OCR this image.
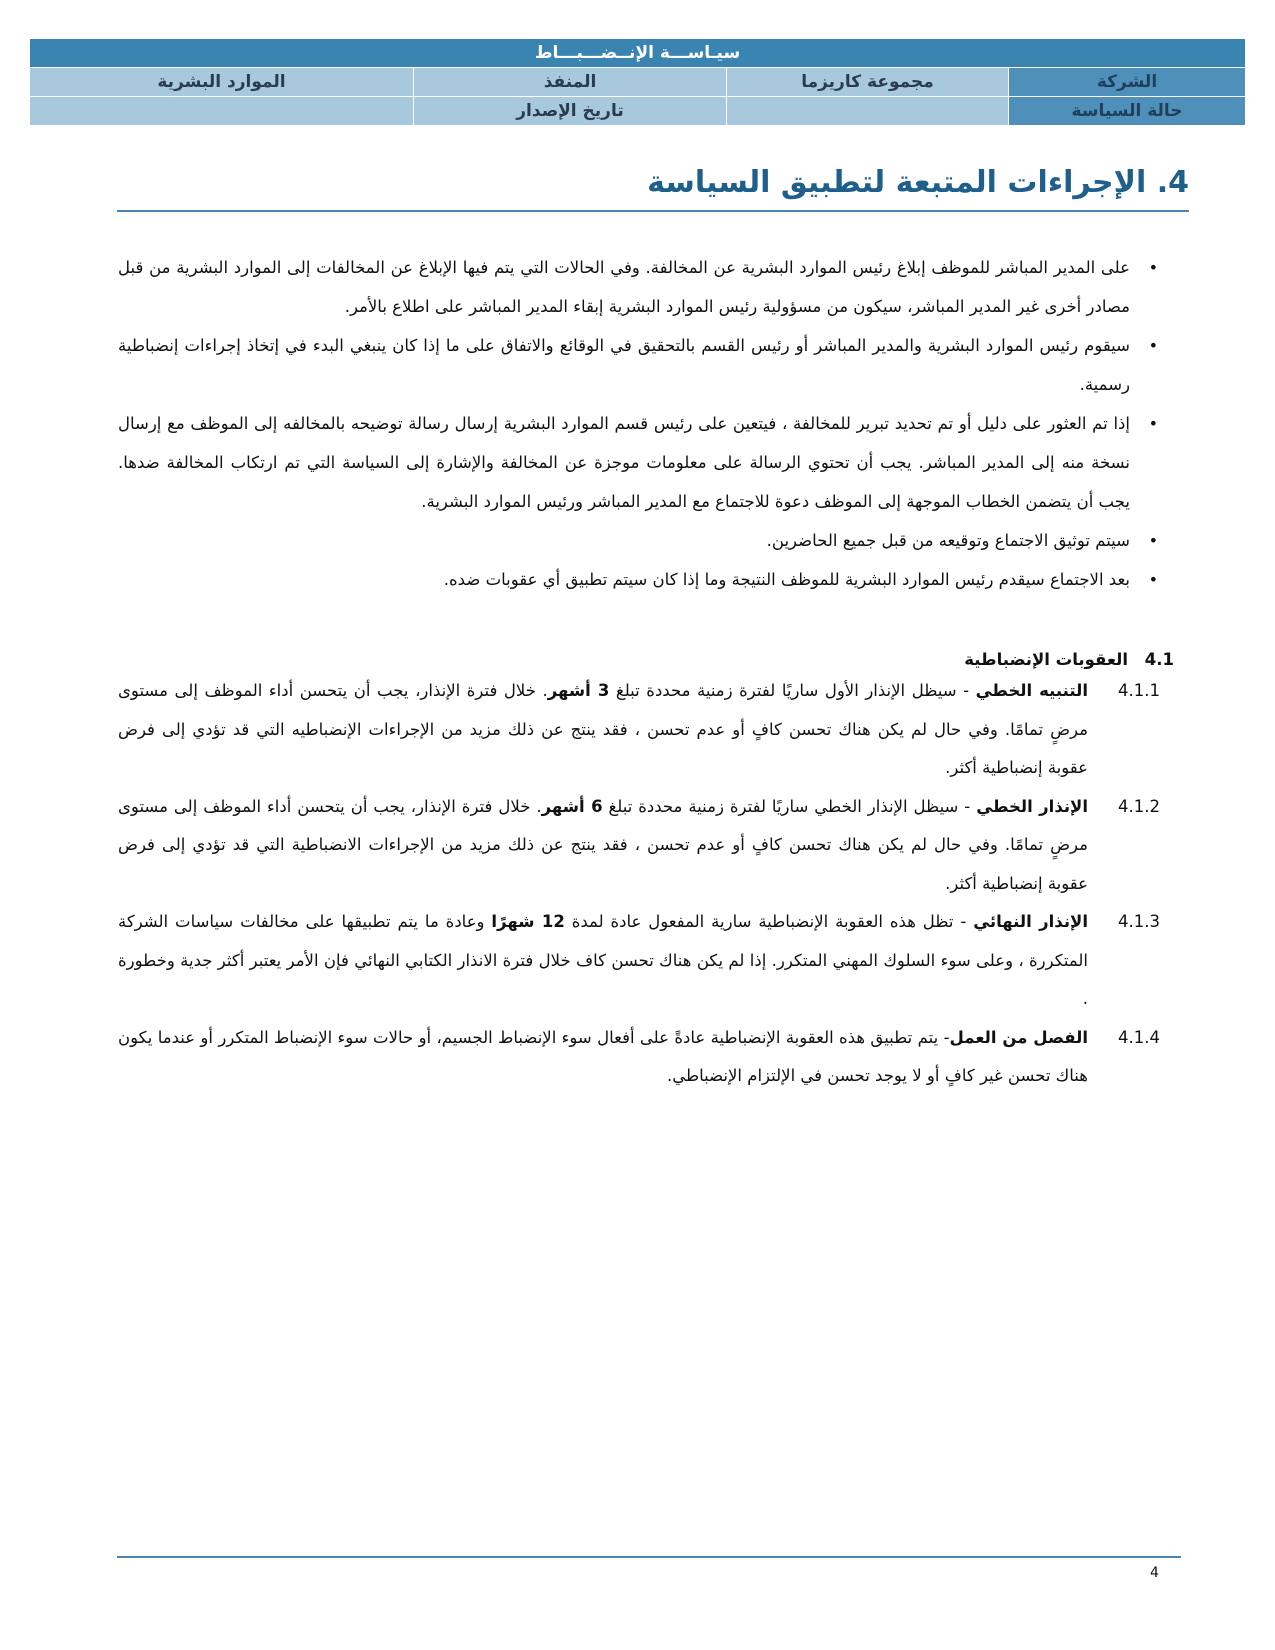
سيـاســـة الإنــضـــبـــاط			
الشركة	مجموعة كاريزما	المنفذ	الموارد البشرية
حالة السياسة		تاريخ الإصدار	
4. الإجراءات المتبعة لتطبيق السياسة
• على المدير المباشر للموظف إبلاغ رئيس الموارد البشرية عن المخالفة. وفي الحالات التي يتم فيها الإبلاغ عن المخالفات إلى الموارد البشرية من قبل مصادر أخرى غير المدير المباشر، سيكون من مسؤولية رئيس الموارد البشرية إبقاء المدير المباشر على اطلاع بالأمر.
• سيقوم رئيس الموارد البشرية والمدير المباشر أو رئيس القسم بالتحقيق في الوقائع والاتفاق على ما إذا كان ينبغي البدء في إتخاذ إجراءات إنضباطية رسمية.
• إذا تم العثور على دليل أو تم تحديد تبرير للمخالفة ، فيتعين على رئيس قسم الموارد البشرية إرسال رسالة توضيحه بالمخالفه إلى الموظف مع إرسال نسخة منه إلى المدير المباشر. يجب أن تحتوي الرسالة على معلومات موجزة عن المخالفة والإشارة إلى السياسة التي تم ارتكاب المخالفة ضدها. يجب أن يتضمن الخطاب الموجهة إلى الموظف دعوة للاجتماع مع المدير المباشر ورئيس الموارد البشرية.
• سيتم توثيق الاجتماع وتوقيعه من قبل جميع الحاضرين.
• بعد الاجتماع سيقدم رئيس الموارد البشرية للموظف النتيجة وما إذا كان سيتم تطبيق أي عقوبات ضده.
4.1العقوبات الإنضباطية
4.1.1
التنبيه الخطي - سيظل الإنذار الأول ساريًا لفترة زمنية محددة تبلغ 3 أشهر. خلال فترة الإنذار، يجب أن يتحسن أداء الموظف إلى مستوى مرضٍ تمامًا. وفي حال لم يكن هناك تحسن كافٍ أو عدم تحسن ، فقد ينتج عن ذلك مزيد من الإجراءات الإنضباطيه التي قد تؤدي إلى فرض عقوبة إنضباطية أكثر.
4.1.2
الإنذار الخطي - سيظل الإنذار الخطي ساريًا لفترة زمنية محددة تبلغ 6 أشهر. خلال فترة الإنذار، يجب أن يتحسن أداء الموظف إلى مستوى مرضٍ تمامًا. وفي حال لم يكن هناك تحسن كافٍ أو عدم تحسن ، فقد ينتج عن ذلك مزيد من الإجراءات الانضباطية التي قد تؤدي إلى فرض عقوبة إنضباطية أكثر.
4.1.3
الإنذار النهائي - تظل هذه العقوبة الإنضباطية سارية المفعول عادة لمدة 12 شهرًا وعادة ما يتم تطبيقها على مخالفات سياسات الشركة المتكررة ، وعلى سوء السلوك المهني المتكرر. إذا لم يكن هناك تحسن كاف خلال فترة الانذار الكتابي النهائي فإن الأمر يعتبر أكثر جدية وخطورة .
4.1.4
الفصل من العمل- يتم تطبيق هذه العقوبة الإنضباطية عادةً على أفعال سوء الإنضباط الجسيم، أو حالات سوء الإنضباط المتكرر أو عندما يكون هناك تحسن غير كافٍ أو لا يوجد تحسن في الإلتزام الإنضباطي.
4
